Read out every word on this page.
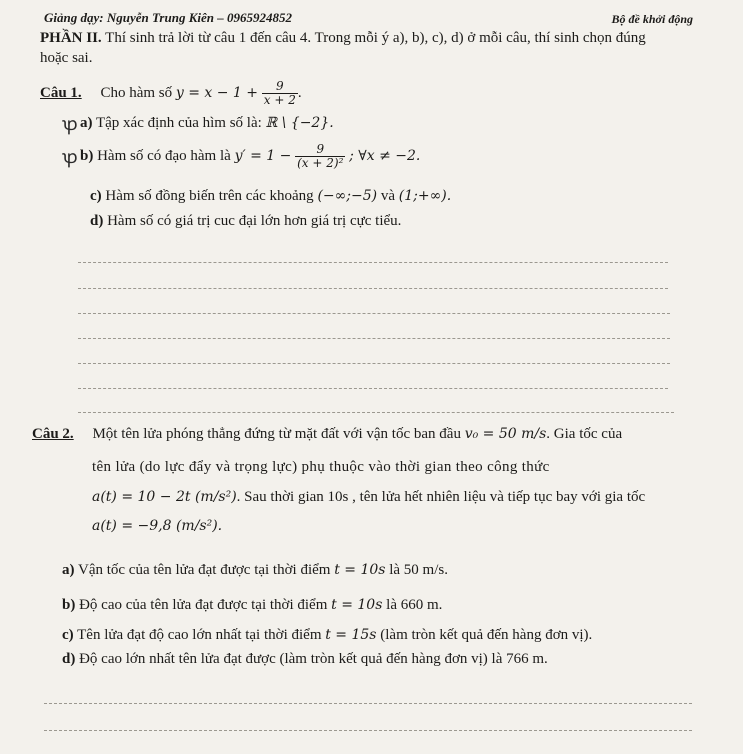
Giảng dạy: Nguyễn Trung Kiên – 0965924852	Bộ đề khởi động
PHẦN II. Thí sinh trả lời từ câu 1 đến câu 4. Trong mỗi ý a), b), c), d) ở mỗi câu, thí sinh chọn đúng
hoặc sai.
Câu 1. Cho hàm số $y = x - 1 + \frac{9}{x + 2}$ .
ꝕ a) Tập xác định của hìm số là: ℝ \ {−2}.
ꝕ b) Hàm số có đạo hàm là $y' = 1 - \frac{9}{\text{(x + 2)²}}$ ; ∀x ≠ −2.
c) Hàm số đồng biến trên các khoảng (−∞;−5) và (1;+∞).
d) Hàm số có giá trị cuc đại lớn hơn giá trị cực tiểu.
Câu 2. Một tên lửa phóng thẳng đứng từ mặt đất với vận tốc ban đầu v₀ = 50 m/s. Gia tốc của
tên lửa (do lực đẩy và trọng lực) phụ thuộc vào thời gian theo công thức
a(t) = 10 − 2t (m/s²). Sau thời gian 10s , tên lửa hết nhiên liệu và tiếp tục bay với gia tốc
a(t) = −9,8 (m/s²).
a) Vận tốc của tên lửa đạt được tại thời điểm t = 10s là 50 m/s.
b) Độ cao của tên lửa đạt được tại thời điểm t = 10s là 660 m.
c) Tên lửa đạt độ cao lớn nhất tại thời điểm t = 15s (làm tròn kết quả đến hàng đơn vị).
d) Độ cao lớn nhất tên lửa đạt được (làm tròn kết quả đến hàng đơn vị) là 766 m.
